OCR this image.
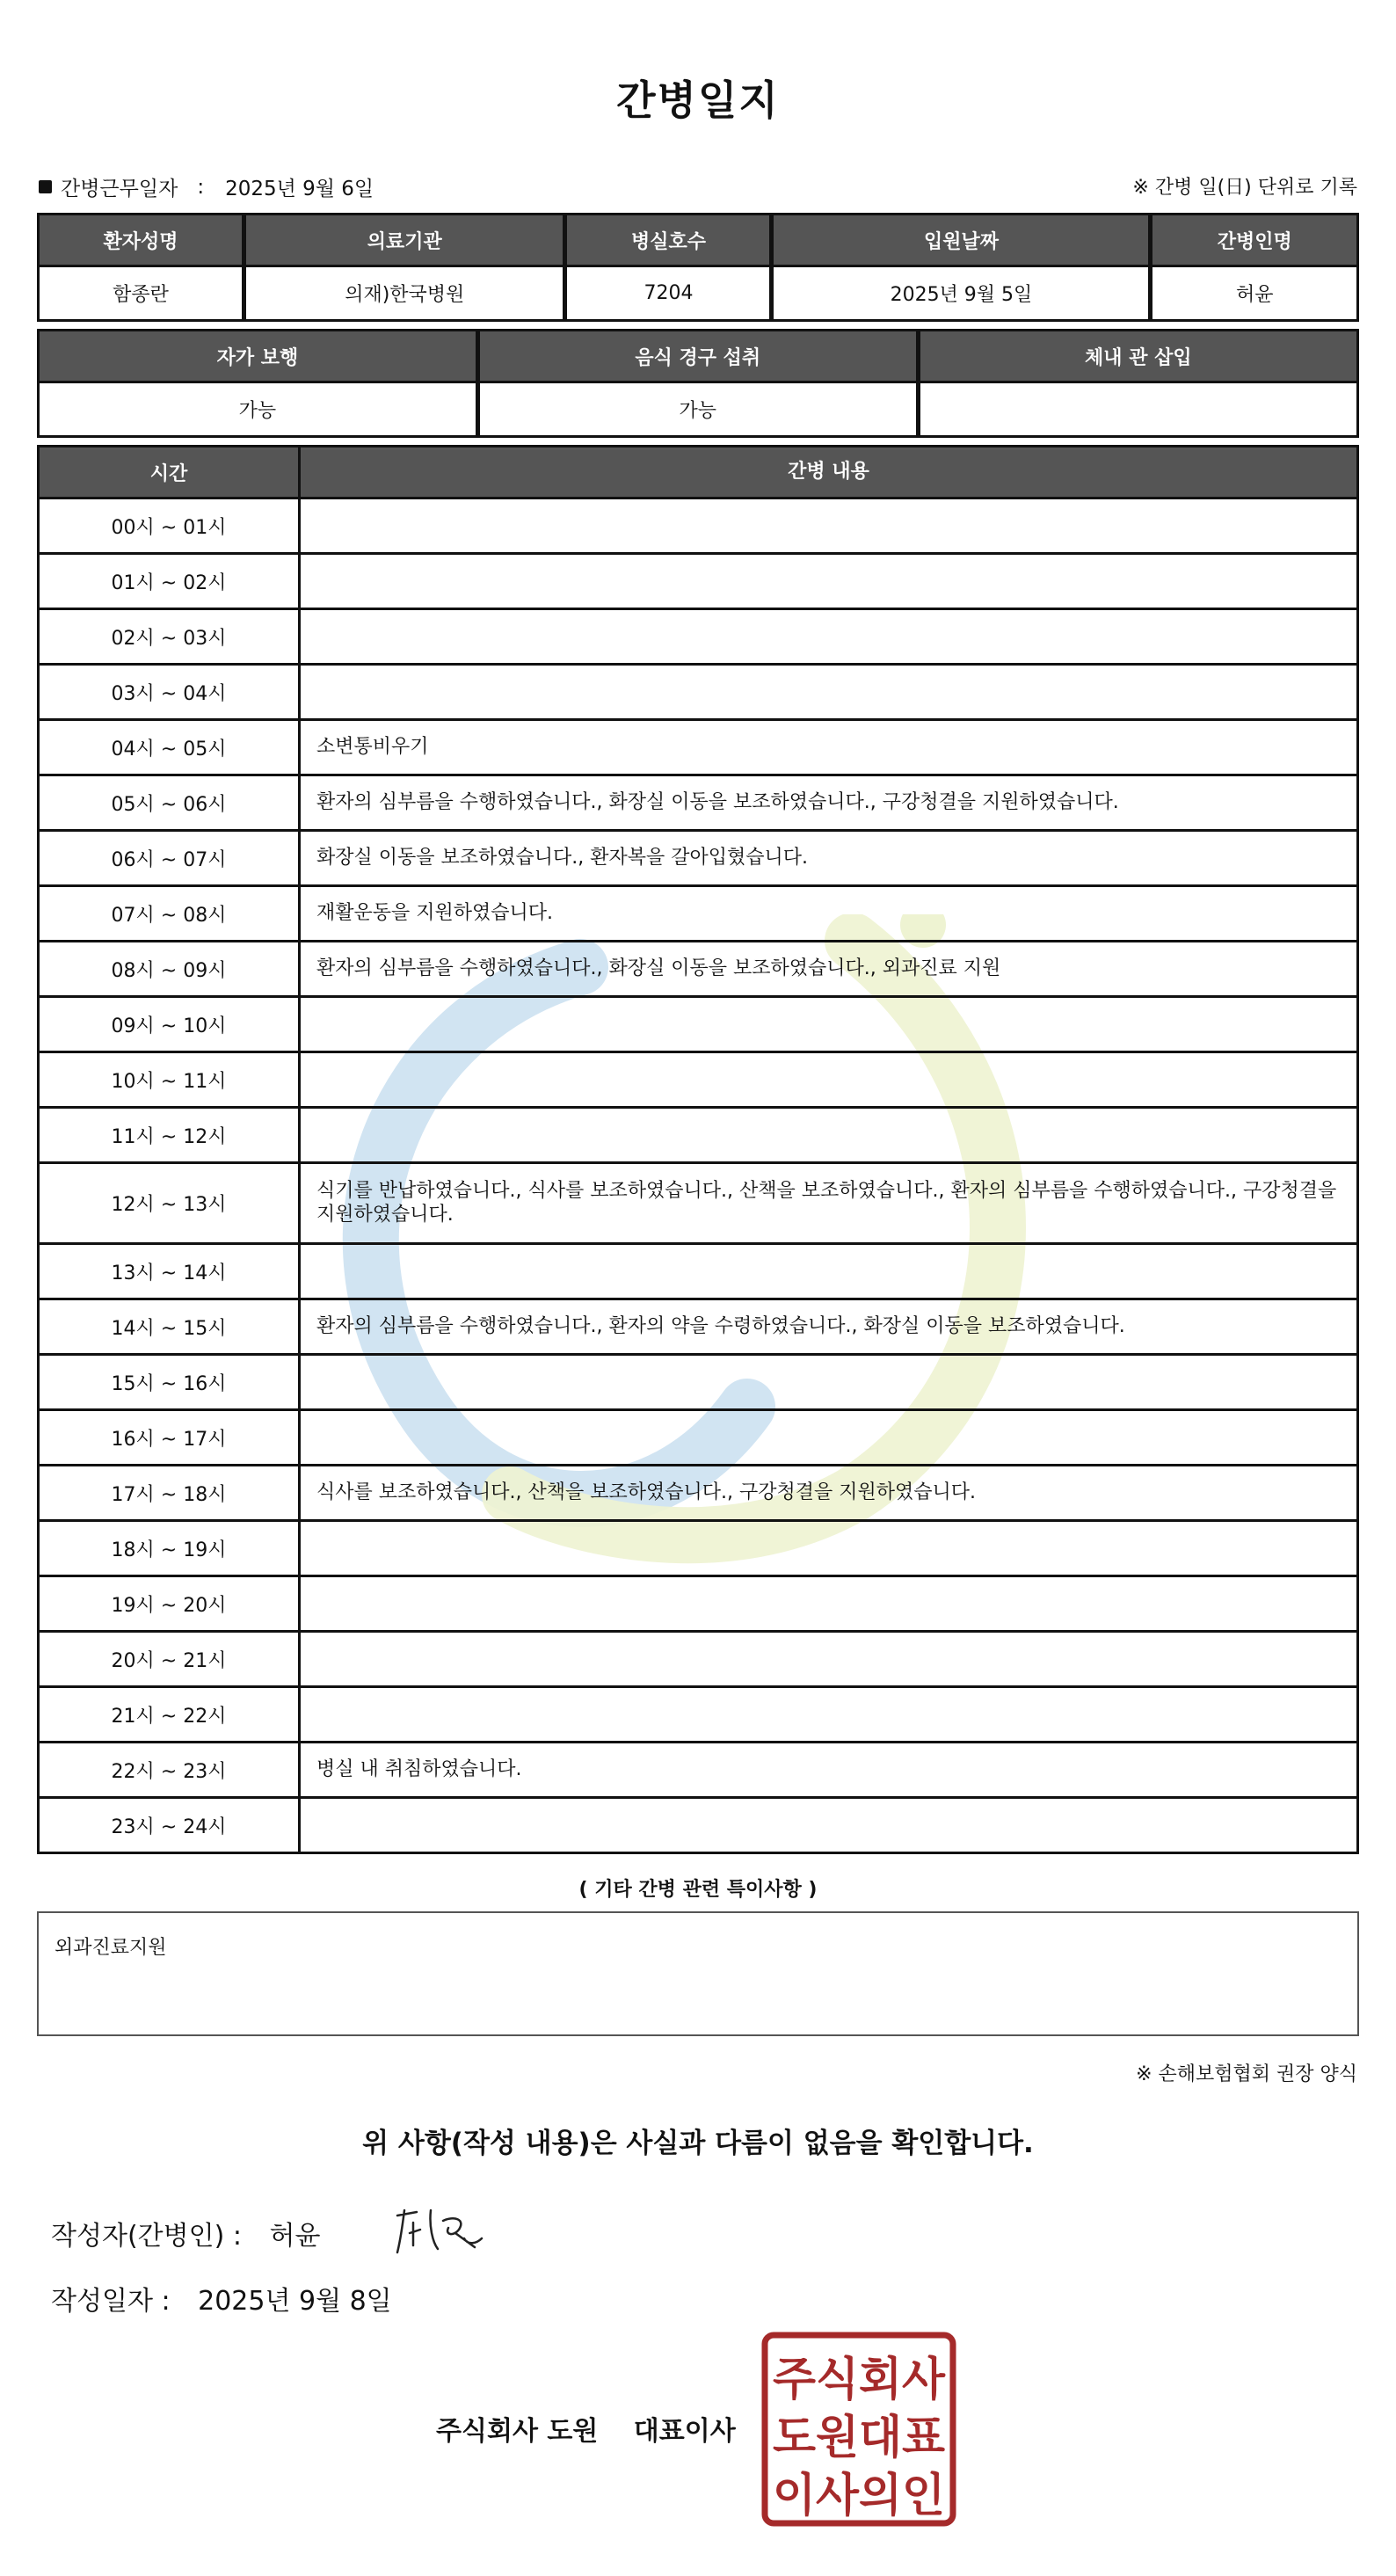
간병일지
간병근무일자 : 2025년 9월 6일	※ 간병 일(日) 단위로 기록
환자성명	의료기관	병실호수	입원날짜	간병인명
함종란	의재)한국병원	7204	2025년 9월 5일	허윤

자가 보행	음식 경구 섭취	체내 관 삽입
가능	가능	
시간	간병 내용
00시 ~ 01시	
01시 ~ 02시	
02시 ~ 03시	
03시 ~ 04시	
04시 ~ 05시	소변통비우기
05시 ~ 06시	환자의 심부름을 수행하였습니다., 화장실 이동을 보조하였습니다., 구강청결을 지원하였습니다.
06시 ~ 07시	화장실 이동을 보조하였습니다., 환자복을 갈아입혔습니다.
07시 ~ 08시	재활운동을 지원하였습니다.
08시 ~ 09시	환자의 심부름을 수행하였습니다., 화장실 이동을 보조하였습니다., 외과진료 지원
09시 ~ 10시	
10시 ~ 11시	
11시 ~ 12시	
12시 ~ 13시	식기를 반납하였습니다., 식사를 보조하였습니다., 산책을 보조하였습니다., 환자의 심부름을 수행하였습니다., 구강청결을 지원하였습니다.
13시 ~ 14시	
14시 ~ 15시	환자의 심부름을 수행하였습니다., 환자의 약을 수령하였습니다., 화장실 이동을 보조하였습니다.
15시 ~ 16시	
16시 ~ 17시	
17시 ~ 18시	식사를 보조하였습니다., 산책을 보조하였습니다., 구강청결을 지원하였습니다.
18시 ~ 19시	
19시 ~ 20시	
20시 ~ 21시	
21시 ~ 22시	
22시 ~ 23시	병실 내 취침하였습니다.
23시 ~ 24시	
( 기타 간병 관련 특이사항 )
외과진료지원
※ 손해보험협회 권장 양식
위 사항(작성 내용)은 사실과 다름이 없음을 확인합니다.
작성자(간병인) : 허윤
작성일자 : 2025년 9월 8일
주식회사 도원 대표이사
주식회사
도원대표
이사의인
